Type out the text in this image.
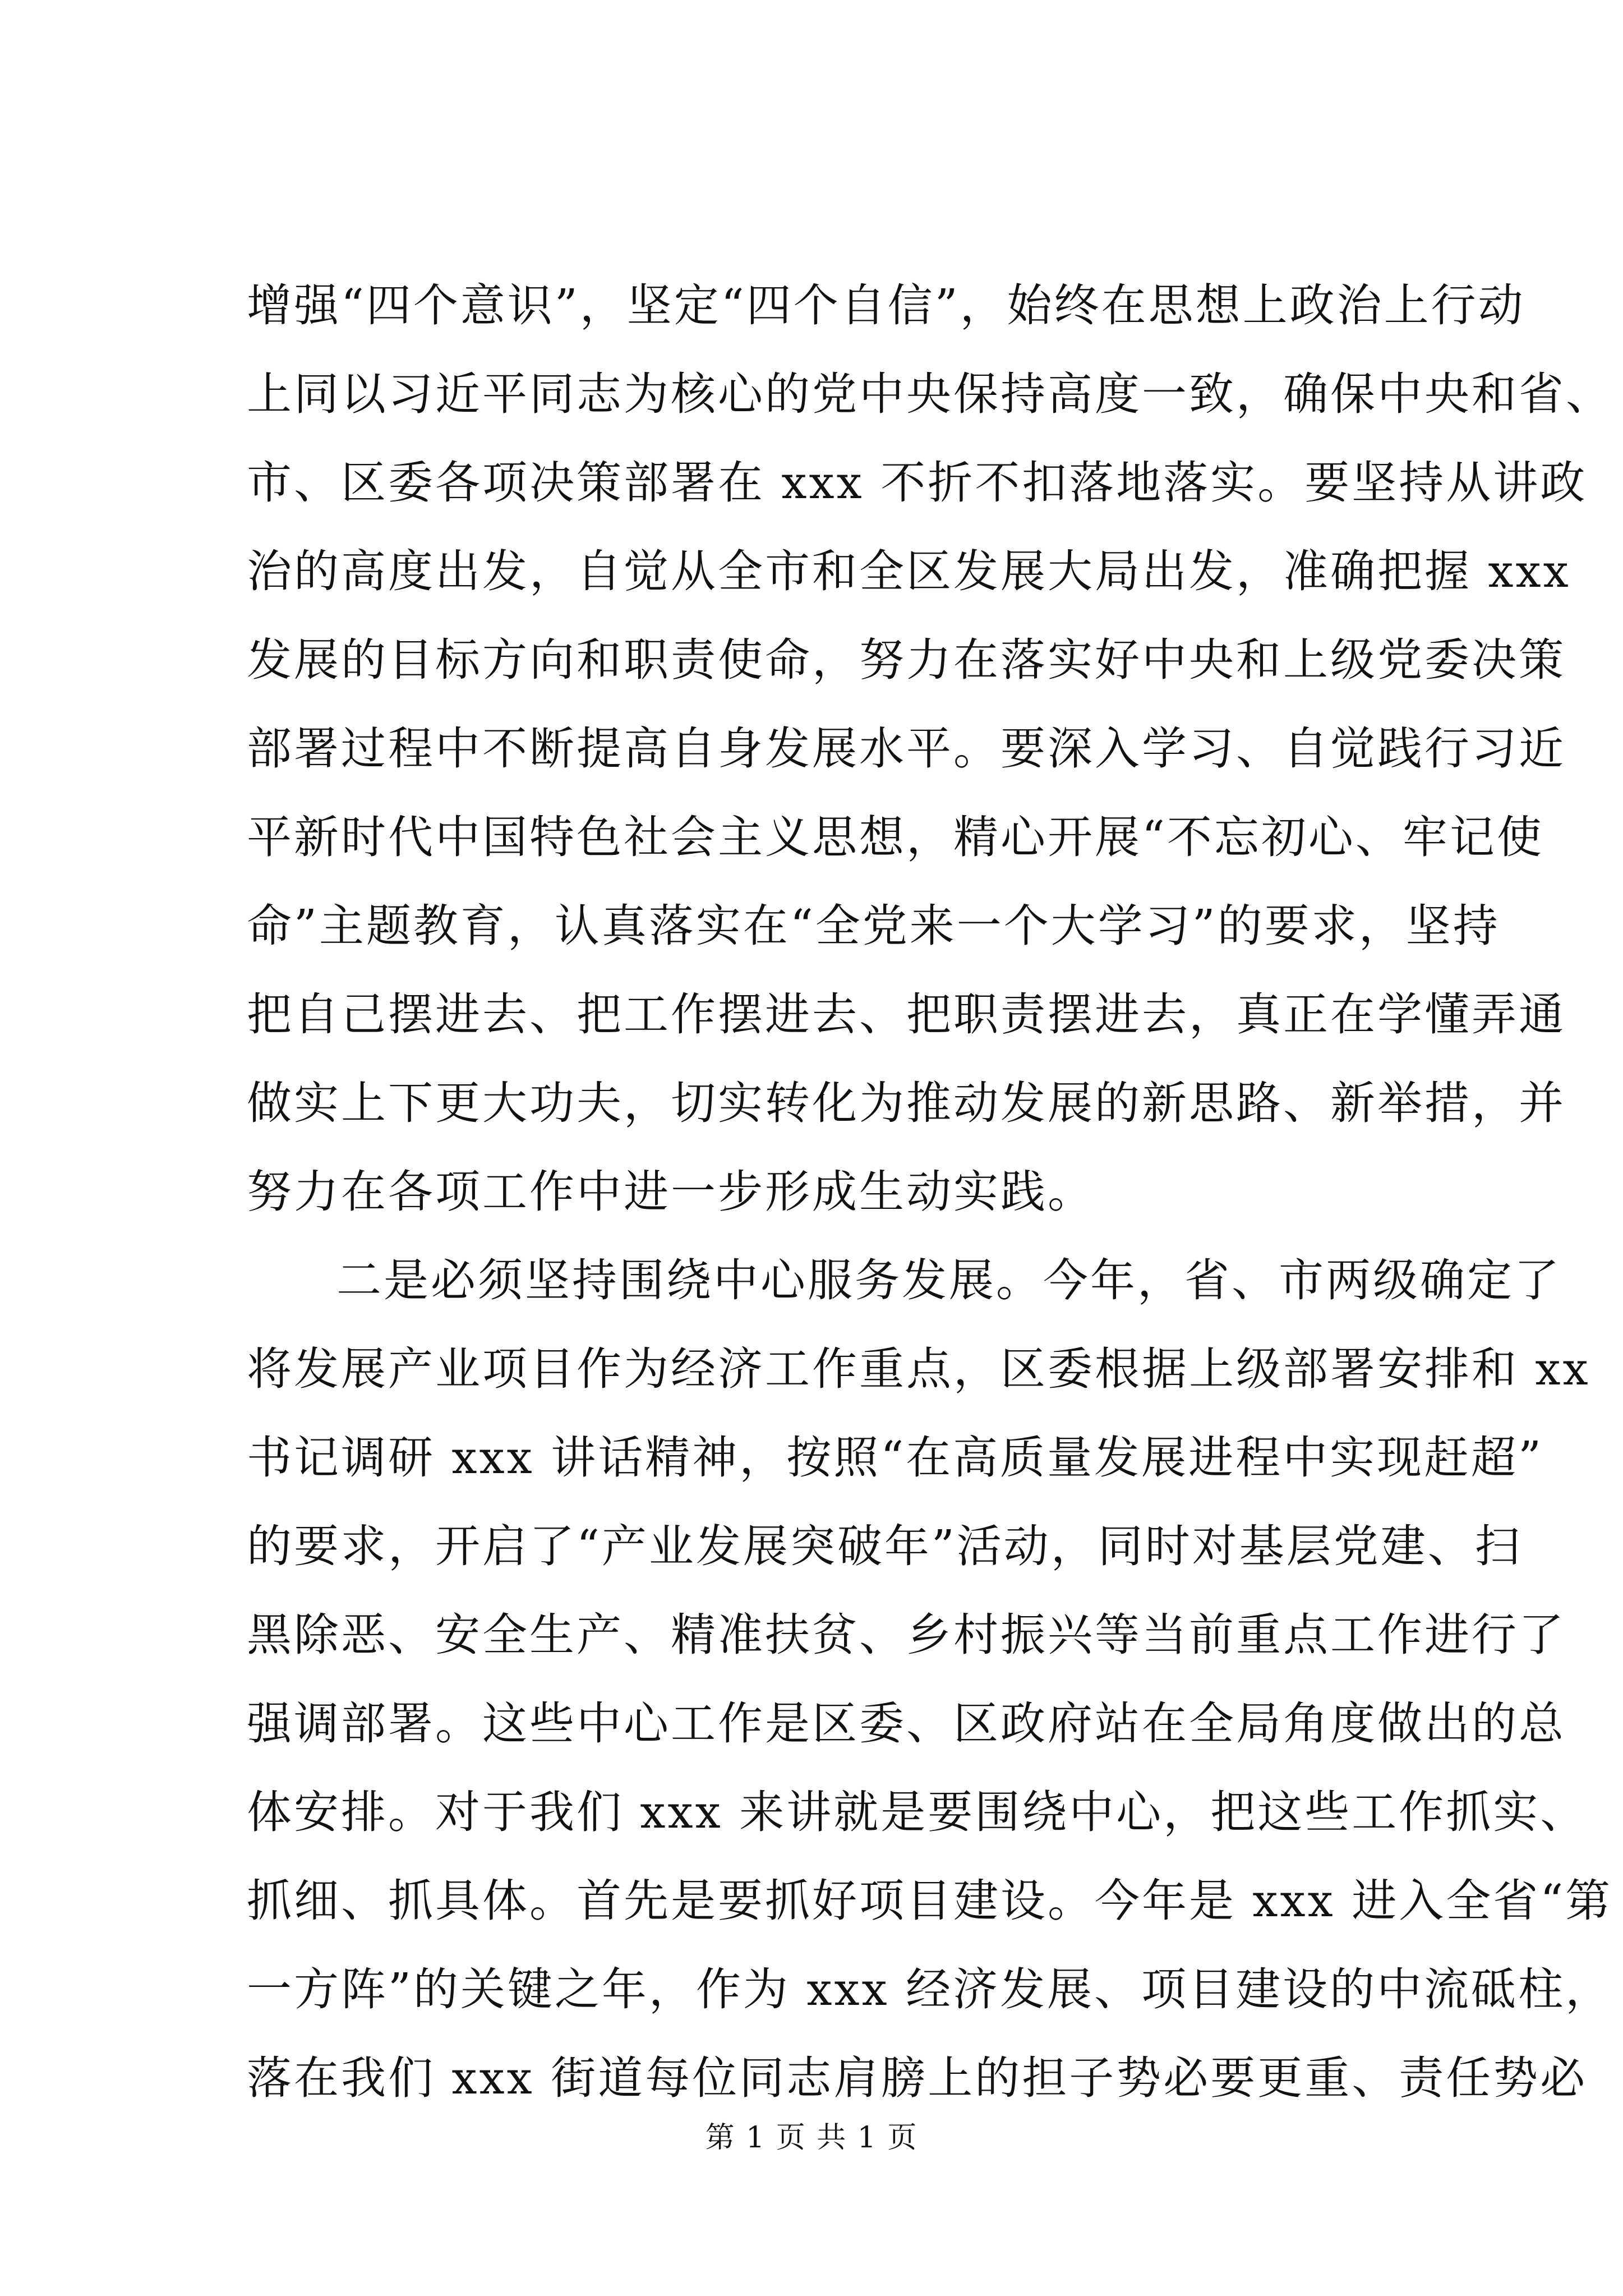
增强“四个意识”，坚定“四个自信”，始终在思想上政治上行动
上同以习近平同志为核心的党中央保持高度一致，确保中央和省、
市、区委各项决策部署在 xxx 不折不扣落地落实。要坚持从讲政
治的高度出发，自觉从全市和全区发展大局出发，准确把握 xxx
发展的目标方向和职责使命，努力在落实好中央和上级党委决策
部署过程中不断提高自身发展水平。要深入学习、自觉践行习近
平新时代中国特色社会主义思想，精心开展“不忘初心、牢记使
命”主题教育，认真落实在“全党来一个大学习”的要求，坚持
把自己摆进去、把工作摆进去、把职责摆进去，真正在学懂弄通
做实上下更大功夫，切实转化为推动发展的新思路、新举措，并
努力在各项工作中进一步形成生动实践。
二是必须坚持围绕中心服务发展。今年，省、市两级确定了
将发展产业项目作为经济工作重点，区委根据上级部署安排和 xx
书记调研 xxx 讲话精神，按照“在高质量发展进程中实现赶超”
的要求，开启了“产业发展突破年”活动，同时对基层党建、扫
黑除恶、安全生产、精准扶贫、乡村振兴等当前重点工作进行了
强调部署。这些中心工作是区委、区政府站在全局角度做出的总
体安排。对于我们 xxx 来讲就是要围绕中心，把这些工作抓实、
抓细、抓具体。首先是要抓好项目建设。今年是 xxx 进入全省“第
一方阵”的关键之年，作为 xxx 经济发展、项目建设的中流砥柱，
落在我们 xxx 街道每位同志肩膀上的担子势必要更重、责任势必
第 1 页 共 1 页
